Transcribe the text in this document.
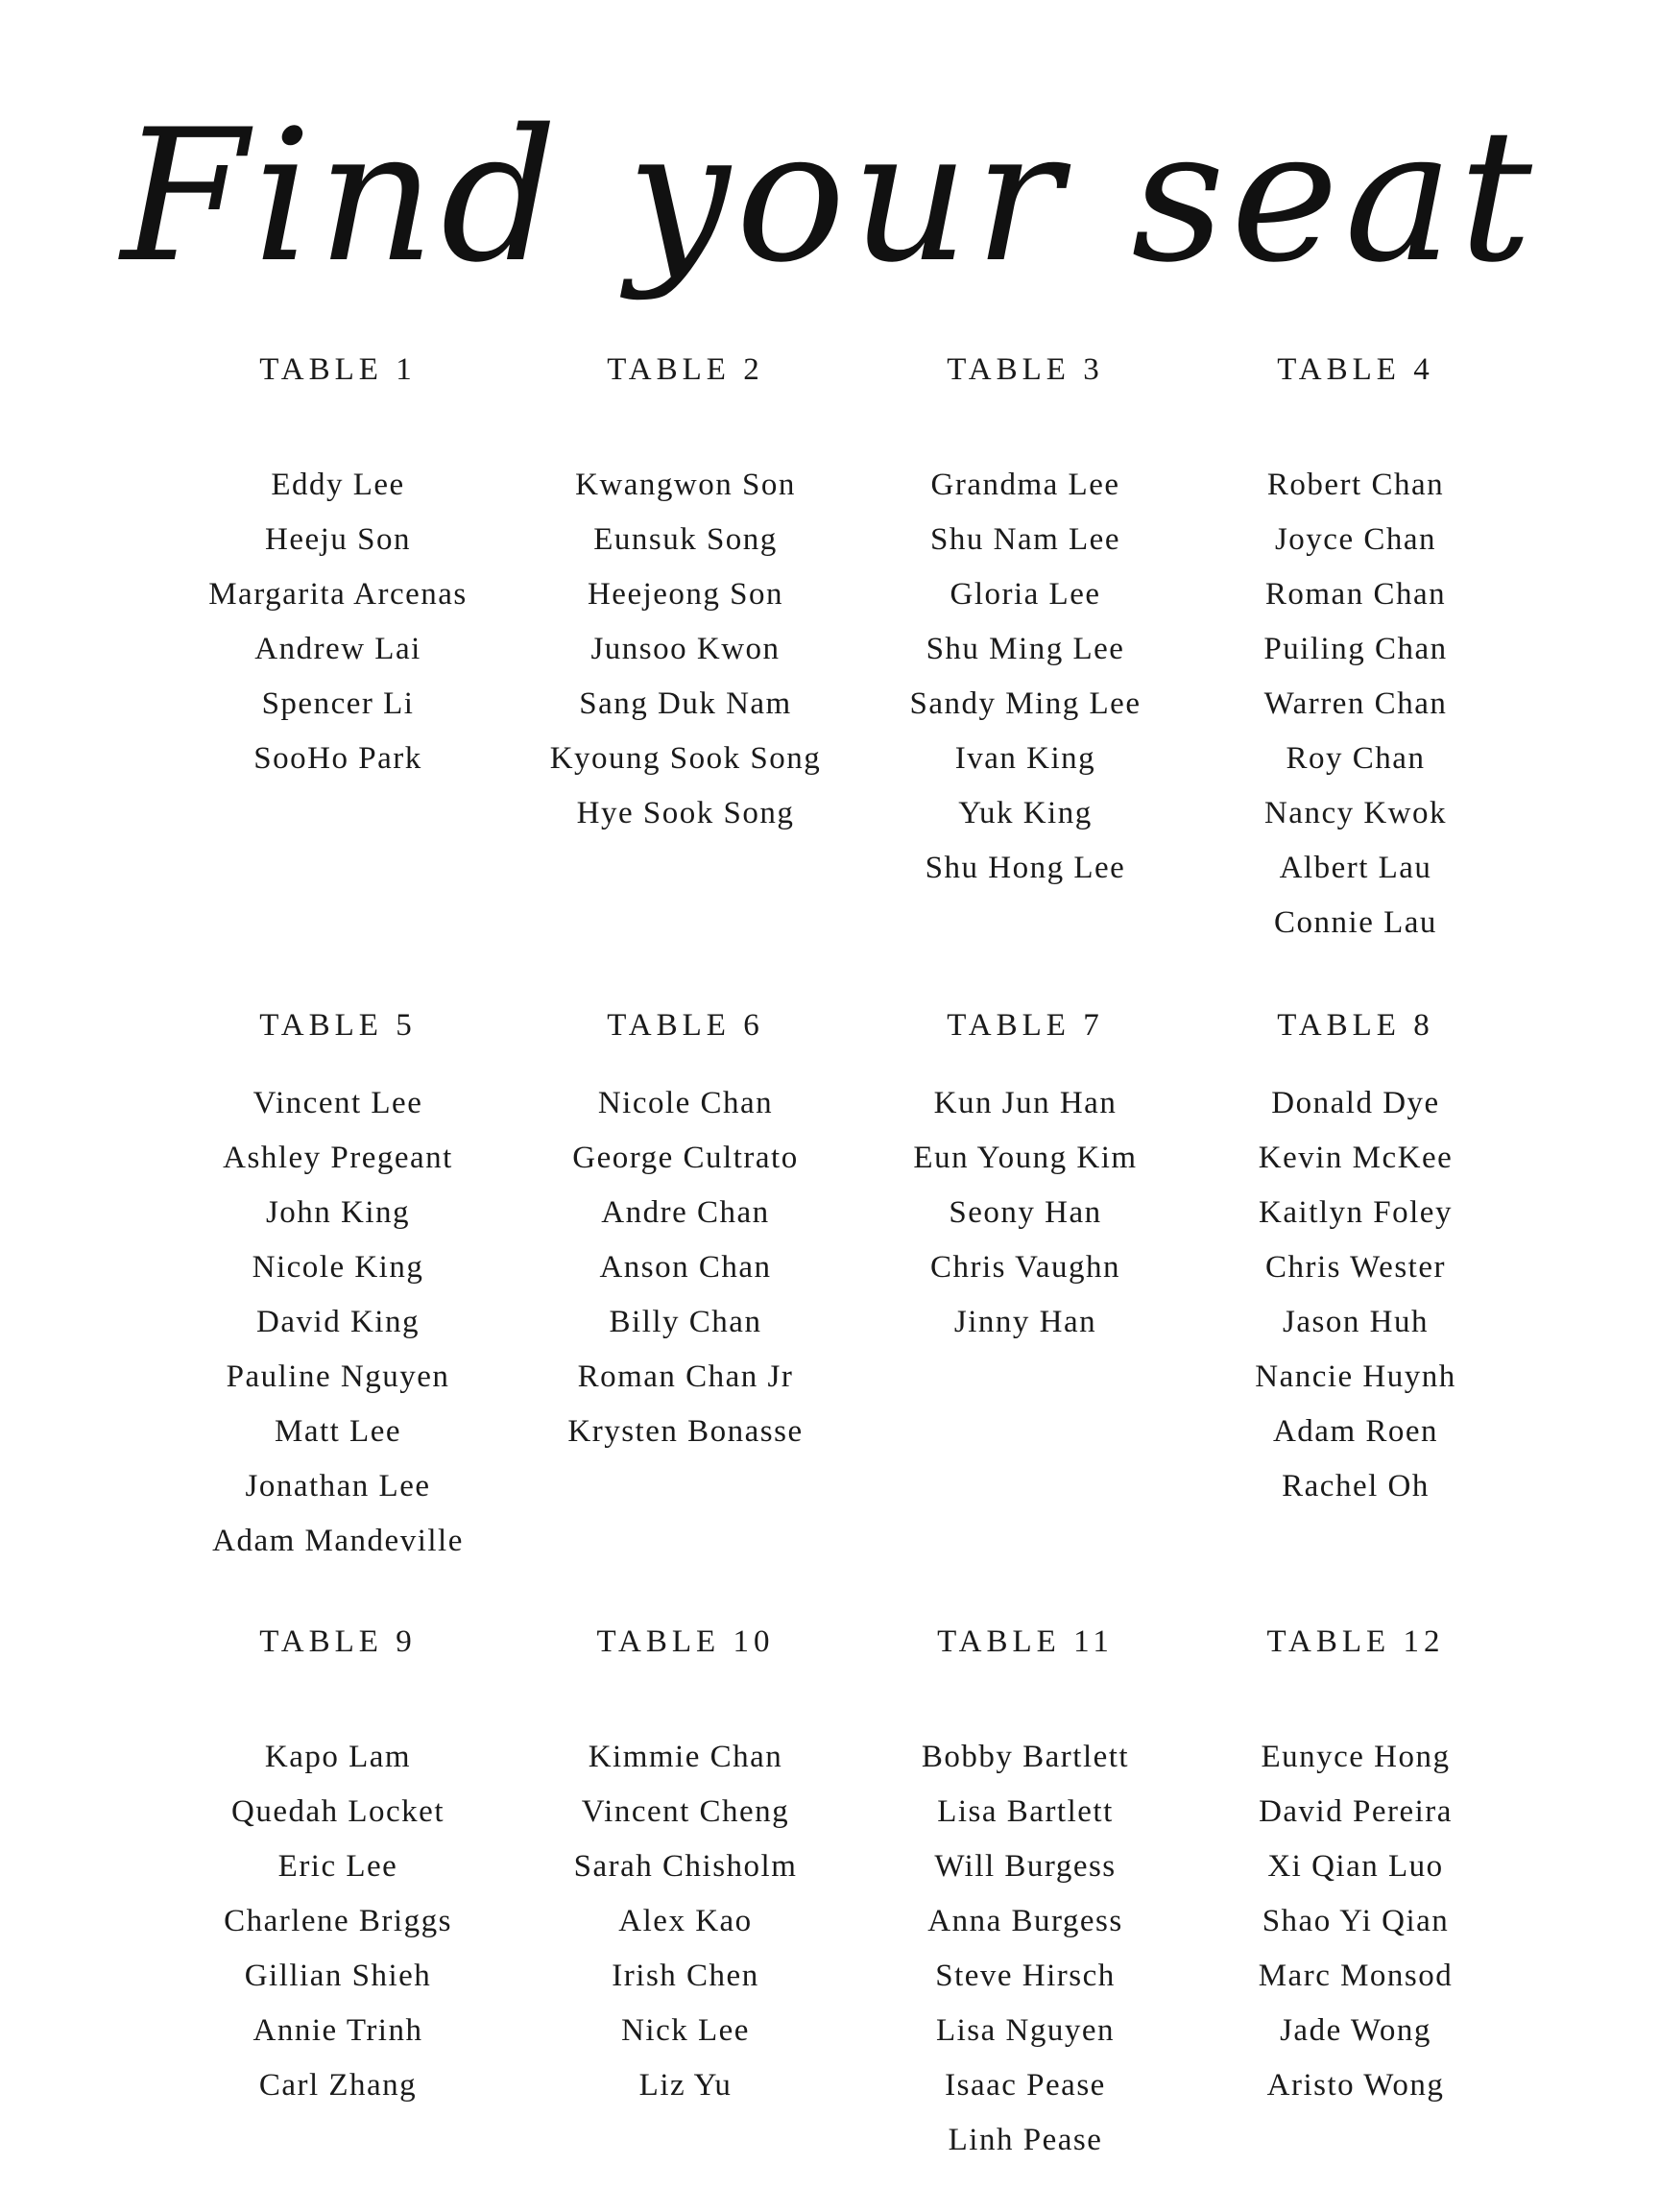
Find your seat
TABLE 1
Eddy Lee
Heeju Son
Margarita Arcenas
Andrew Lai
Spencer Li
SooHo Park
TABLE 2
Kwangwon Son
Eunsuk Song
Heejeong Son
Junsoo Kwon
Sang Duk Nam
Kyoung Sook Song
Hye Sook Song
TABLE 3
Grandma Lee
Shu Nam Lee
Gloria Lee
Shu Ming Lee
Sandy Ming Lee
Ivan King
Yuk King
Shu Hong Lee
TABLE 4
Robert Chan
Joyce Chan
Roman Chan
Puiling Chan
Warren Chan
Roy Chan
Nancy Kwok
Albert Lau
Connie Lau
TABLE 5
Vincent Lee
Ashley Pregeant
John King
Nicole King
David King
Pauline Nguyen
Matt Lee
Jonathan Lee
Adam Mandeville
TABLE 6
Nicole Chan
George Cultrato
Andre Chan
Anson Chan
Billy Chan
Roman Chan Jr
Krysten Bonasse
TABLE 7
Kun Jun Han
Eun Young Kim
Seony Han
Chris Vaughn
Jinny Han
TABLE 8
Donald Dye
Kevin McKee
Kaitlyn Foley
Chris Wester
Jason Huh
Nancie Huynh
Adam Roen
Rachel Oh
TABLE 9
Kapo Lam
Quedah Locket
Eric Lee
Charlene Briggs
Gillian Shieh
Annie Trinh
Carl Zhang
TABLE 10
Kimmie Chan
Vincent Cheng
Sarah Chisholm
Alex Kao
Irish Chen
Nick Lee
Liz Yu
TABLE 11
Bobby Bartlett
Lisa Bartlett
Will Burgess
Anna Burgess
Steve Hirsch
Lisa Nguyen
Isaac Pease
Linh Pease
TABLE 12
Eunyce Hong
David Pereira
Xi Qian Luo
Shao Yi Qian
Marc Monsod
Jade Wong
Aristo Wong
